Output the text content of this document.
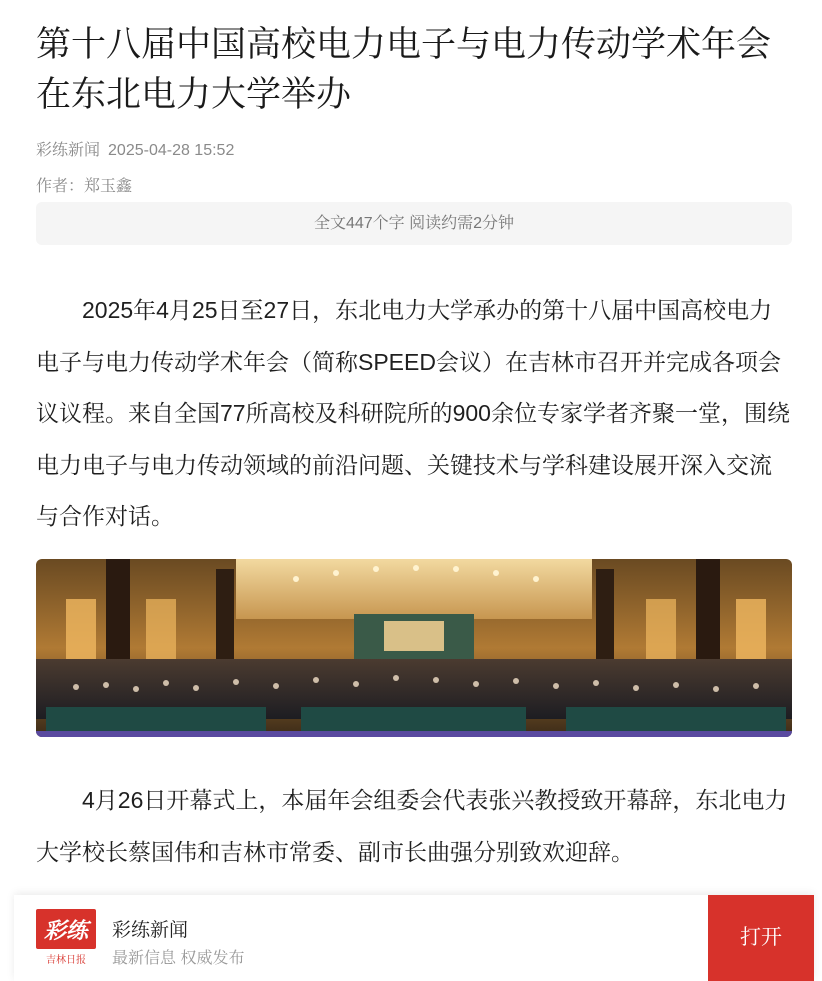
第十八届中国高校电力电子与电力传动学术年会在东北电力大学举办
彩练新闻 2025-04-28 15:52
作者：郑玉鑫
全文447个字 阅读约需2分钟

2025年4月25日至27日，东北电力大学承办的第十八届中国高校电力电子与电力传动学术年会（简称SPEED会议）在吉林市召开并完成各项会议议程。来自全国77所高校及科研院所的900余位专家学者齐聚一堂，围绕电力电子与电力传动领域的前沿问题、关键技术与学科建设展开深入交流与合作对话。

4月26日开幕式上，本届年会组委会代表张兴教授致开幕辞，东北电力大学校长蔡国伟和吉林市常委、副市长曲强分别致欢迎辞。

彩练
吉林日报
彩练新闻
最新信息 权威发布
打开
